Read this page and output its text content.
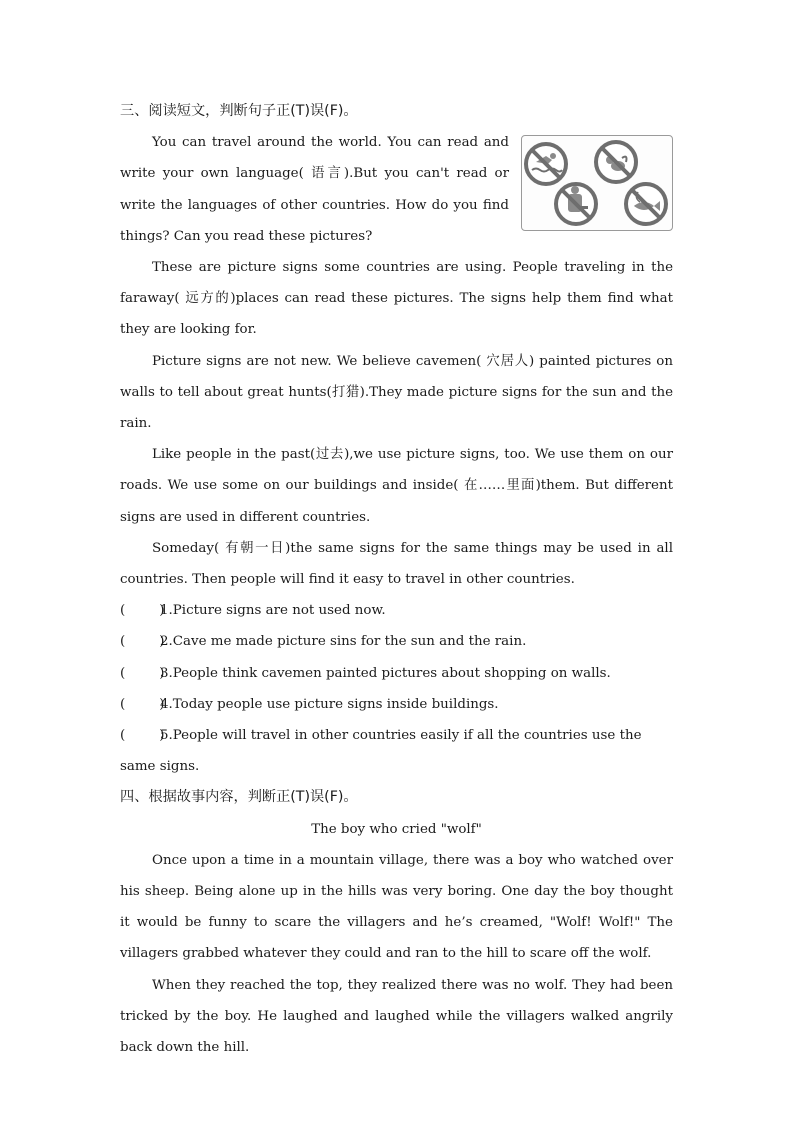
三、阅读短文，判断句子正(T)误(F)。

You can travel around the world. You can read and write your own language( 语言).But you can't read or write the languages of other countries. How do you find things? Can you read these pictures?

These are picture signs some countries are using. People traveling in the faraway( 远方的)places can read these pictures. The signs help them find what they are looking for.

Picture signs are not new. We believe cavemen( 穴居人) painted pictures on walls to tell about great hunts(打猎).They made picture signs for the sun and the rain.

Like people in the past(过去),we use picture signs, too. We use them on our roads. We use some on our buildings and inside( 在……里面)them. But different signs are used in different countries.

Someday( 有朝一日)the same signs for the same things may be used in all countries. Then people will find it easy to travel in other countries.

(        )1.Picture signs are not used now.

(        )2.Cave me made picture sins for the sun and the rain.

(        )3.People think cavemen painted pictures about shopping on walls.

(        )4.Today people use picture signs inside buildings.

(        )5.People will travel in other countries easily if all the countries use the same signs.

四、根据故事内容，判断正(T)误(F)。

The boy who cried "wolf"

Once upon a time in a mountain village, there was a boy who watched over his sheep. Being alone up in the hills was very boring. One day the boy thought it would be funny to scare the villagers and he’s creamed, "Wolf! Wolf!" The villagers grabbed whatever they could and ran to the hill to scare off the wolf.

When they reached the top, they realized there was no wolf. They had been tricked by the boy. He laughed and laughed while the villagers walked angrily back down the hill.
